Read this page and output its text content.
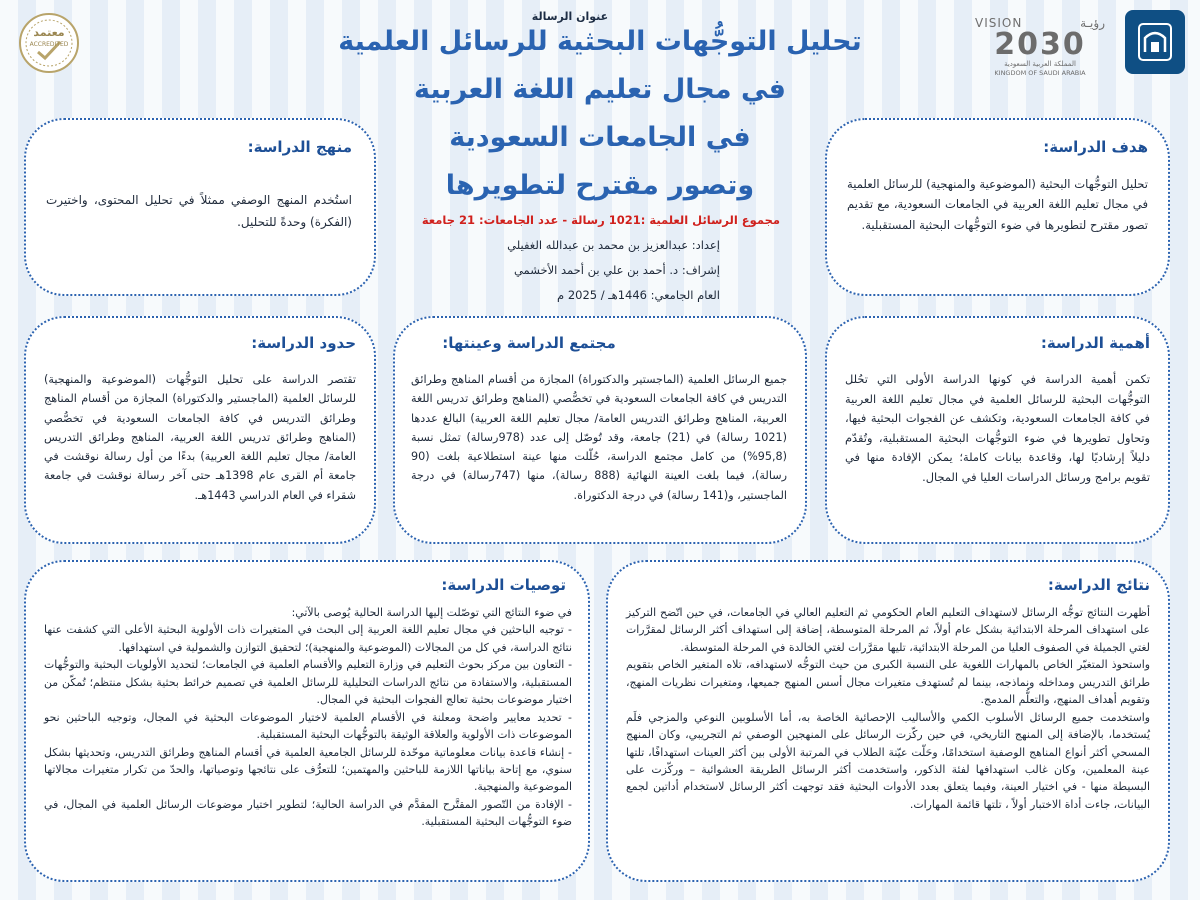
VISION	رؤيـة
2030
المملكة العربية السعودية
KINGDOM OF SAUDI ARABIA
معتمد
ACCREDITED
عنوان الرسالة
تحليل التوجُّهات البحثية للرسائل العلمية
في مجال تعليم اللغة العربية
في الجامعات السعودية
وتصور مقترح لتطويرها
مجموع الرسائل العلمية :1021 رسالة - عدد الجامعات: 21 جامعة
إعداد: عبدالعزيز بن محمد بن عبدالله الغفيلي
إشراف: د. أحمد بن علي بن أحمد الأخشمي
العام الجامعي: 1446هـ / 2025 م
هدف الدراسة:

تحليل التوجُّهات البحثية (الموضوعية والمنهجية) للرسائل العلمية في مجال تعليم اللغة العربية في الجامعات السعودية، مع تقديم تصور مقترح لتطويرها في ضوء التوجُّهات البحثية المستقبلية.

منهج الدراسة:

استُخدم المنهج الوصفي ممثلاً في تحليل المحتوى، واختيرت (الفكرة) وحدةً للتحليل.

أهمية الدراسة:

تكمن أهمية الدراسة في كونها الدراسة الأولى التي تحُلل التوجُّهات البحثية للرسائل العلمية في مجال تعليم اللغة العربية في كافة الجامعات السعودية، وتكشف عن الفجوات البحثية فيها، وتحاول تطويرها في ضوء التوجُّهات البحثية المستقبلية، وتُقدّم دليلاً إرشاديًا لها، وقاعدة بيانات كاملة؛ يمكن الإفادة منها في تقويم برامج ورسائل الدراسات العليا في المجال.

مجتمع الدراسة وعينتها:

جميع الرسائل العلمية (الماجستير والدكتوراة) المجازة من أقسام المناهج وطرائق التدريس في كافة الجامعات السعودية في تخصُّصي (المناهج وطرائق تدريس اللغة العربية، المناهج وطرائق التدريس العامة/ مجال تعليم اللغة العربية) البالغ عددها (1021 رسالة) في (21) جامعة، وقد تُوصّل إلى عدد (978رسالة) تمثل نسبة (95,8%) من كامل مجتمع الدراسة، حُلّلت منها عينة استطلاعية بلغت (90 رسالة)، فيما بلغت العينة النهائية (888 رسالة)، منها (747رسالة) في درجة الماجستير، و(141 رسالة) في درجة الدكتوراة.

حدود الدراسة:

تقتصر الدراسة على تحليل التوجُّهات (الموضوعية والمنهجية) للرسائل العلمية (الماجستير والدكتوراة) المجازة من أقسام المناهج وطرائق التدريس في كافة الجامعات السعودية في تخصُّصي (المناهج وطرائق تدريس اللغة العربية، المناهج وطرائق التدريس العامة/ مجال تعليم اللغة العربية) بدءًا من أول رسالة نوقشت في جامعة أم القرى عام 1398هـ حتى آخر رسالة نوقشت في جامعة شقراء في العام الدراسي 1443هـ.

نتائج الدراسة:

أظهرت النتائج توجُّه الرسائل لاستهداف التعليم العام الحكومي ثم التعليم العالي في الجامعات، في حين اتّضح التركيز على استهداف المرحلة الابتدائية بشكل عام أولاً، ثم المرحلة المتوسطة، إضافة إلى استهداف أكثر الرسائل لمقرَّرات لغتي الجميلة في الصفوف العليا من المرحلة الابتدائية، تليها مقرَّرات لغتي الخالدة في المرحلة المتوسطة.

واستحوذ المتغيّر الخاص بالمهارات اللغوية على النسبة الكبرى من حيث التوجُّه لاستهدافه، تلاه المتغير الخاص بتقويم طرائق التدريس ومداخله ونماذجه، بينما لم تُستهدف متغيرات مجال أسس المنهج جميعها، ومتغيرات نظريات المنهج، وتقويم أهداف المنهج، والتعلُّم المدمج.

واستخدمت جميع الرسائل الأسلوب الكمي والأساليب الإحصائية الخاصة به، أما الأسلوبين النوعي والمزجي فلَم يُستخدما، بالإضافة إلى المنهج التاريخي، في حين ركّزت الرسائل على المنهجين الوصفي ثم التجريبي، وكان المنهج المسحي أكثر أنواع المناهج الوصفية استخدامًا، وحَلّت عيّنة الطلاب في المرتبة الأولى بين أكثر العينات استهدافًا، تلتها عينة المعلمين، وكان غالب استهدافها لفئة الذكور، واستخدمت أكثر الرسائل الطريقة العشوائية – وركّزت على البسيطة منها - في اختيار العينة، وفيما يتعلق بعدد الأدوات البحثية فقد توجهت أكثر الرسائل لاستخدام أداتين لجمع البيانات، جاءت أداة الاختبار أولاً ، تلتها قائمة المهارات.

توصيات الدراسة:

في ضوء النتائج التي توصّلت إليها الدراسة الحالية يُوصى بالآتي:

- توجيه الباحثين في مجال تعليم اللغة العربية إلى البحث في المتغيرات ذات الأولوية البحثية الأعلى التي كشفت عنها نتائج الدراسة، في كل من المجالات (الموضوعية والمنهجية)؛ لتحقيق التوازن والشمولية في استهدافها.

- التعاون بين مركز بحوث التعليم في وزارة التعليم والأقسام العلمية في الجامعات؛ لتحديد الأولويات البحثية والتوجُّهات المستقبلية، والاستفادة من نتائج الدراسات التحليلية للرسائل العلمية في تصميم خرائط بحثية بشكل منتظم؛ تُمكّن من اختيار موضوعات بحثية تعالج الفجوات البحثية في المجال.

- تحديد معايير واضحة ومعلنة في الأقسام العلمية لاختيار الموضوعات البحثية في المجال، وتوجيه الباحثين نحو الموضوعات ذات الأولوية والعلاقة الوثيقة بالتوجُّهات البحثية المستقبلية.

- إنشاء قاعدة بيانات معلوماتية موحّدة للرسائل الجامعية العلمية في أقسام المناهج وطرائق التدريس، وتحديثها بشكل سنوي، مع إتاحة بياناتها اللازمة للباحثين والمهتمين؛ للتعرُّف على نتائجها وتوصياتها، والحدّ من تكرار متغيرات مجالاتها الموضوعية والمنهجية.

- الإفادة من التّصور المقتَّرح المقدَّم في الدراسة الحالية؛ لتطوير اختيار موضوعات الرسائل العلمية في المجال، في ضوء التوجُّهات البحثية المستقبلية.
